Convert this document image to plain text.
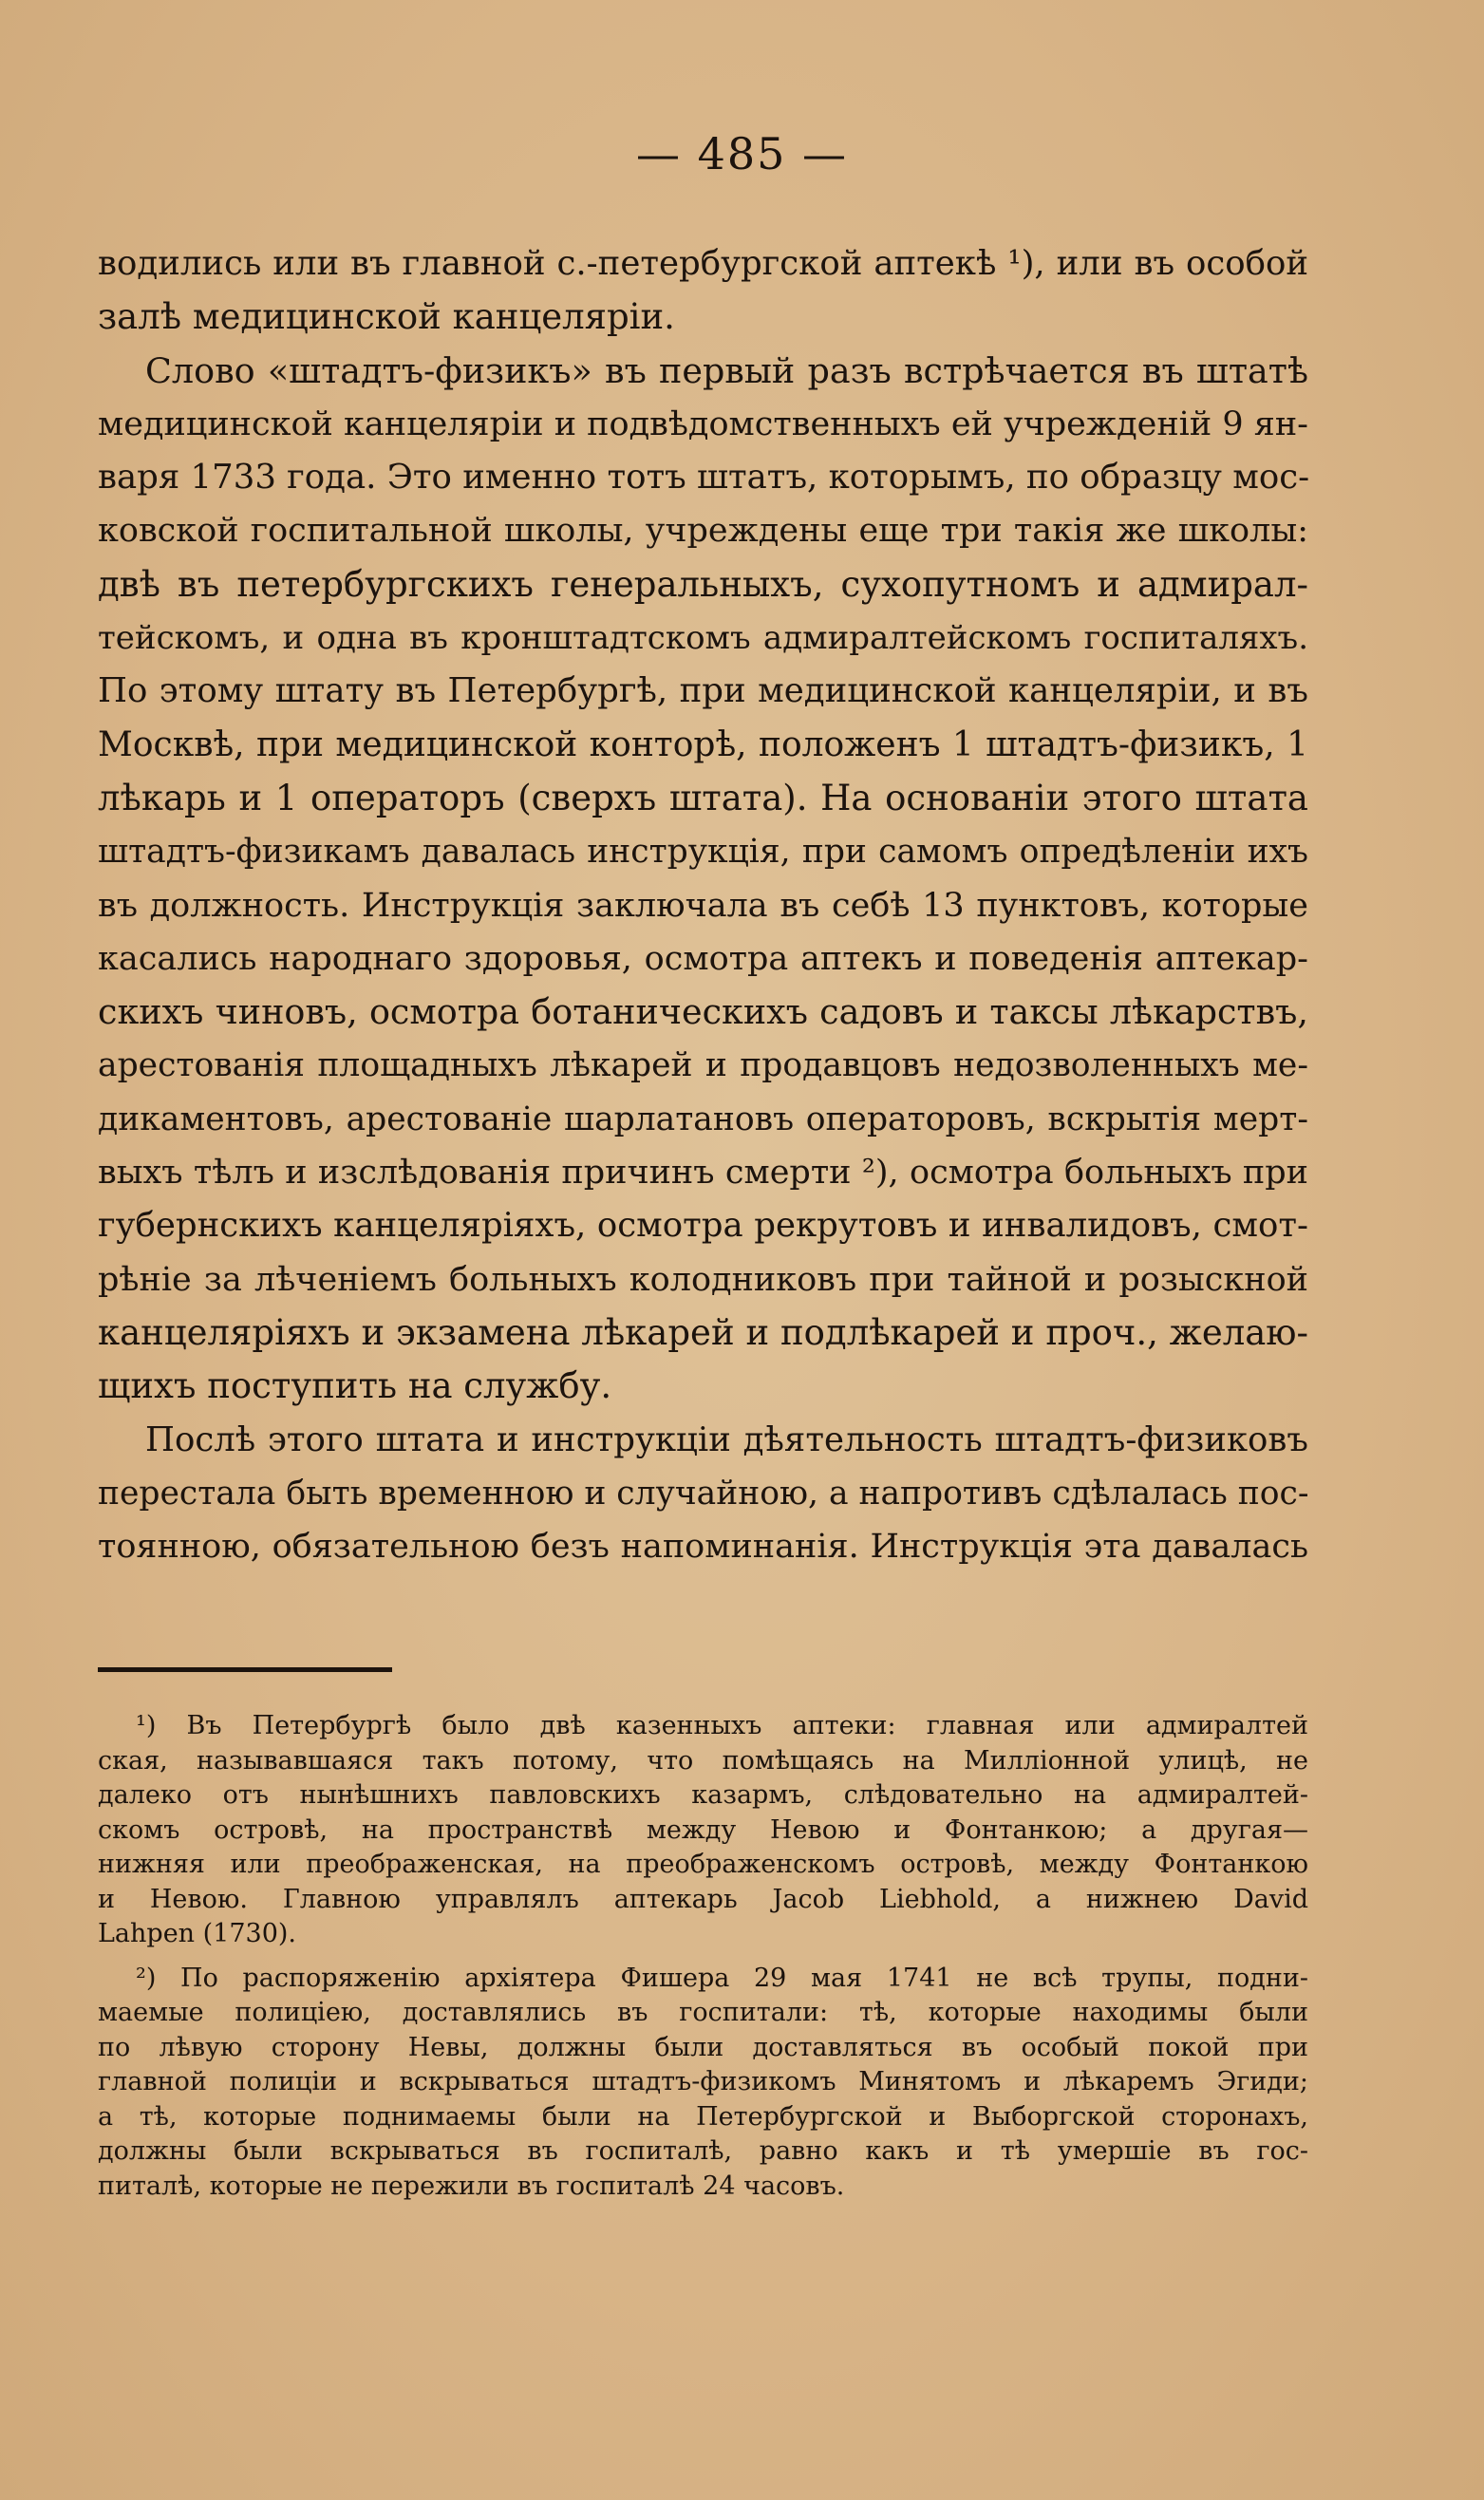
— 485 —
водились или въ главной с.-петербургской аптекѣ ¹), или въ особой
залѣ медицинской канцеляріи.
Слово «штадтъ-физикъ» въ первый разъ встрѣчается въ штатѣ
медицинской канцеляріи и подвѣдомственныхъ ей учрежденій 9 ян-
варя 1733 года. Это именно тотъ штатъ, которымъ, по образцу мос-
ковской госпитальной школы, учреждены еще три такія же школы:
двѣ въ петербургскихъ генеральныхъ, сухопутномъ и адмирал-
тейскомъ, и одна въ кронштадтскомъ адмиралтейскомъ госпиталяхъ.
По этому штату въ Петербургѣ, при медицинской канцеляріи, и въ
Москвѣ, при медицинской конторѣ, положенъ 1 штадтъ-физикъ, 1
лѣкарь и 1 операторъ (сверхъ штата). На основаніи этого штата
штадтъ-физикамъ давалась инструкція, при самомъ опредѣленіи ихъ
въ должность. Инструкція заключала въ себѣ 13 пунктовъ, которые
касались народнаго здоровья, осмотра аптекъ и поведенія аптекар-
скихъ чиновъ, осмотра ботаническихъ садовъ и таксы лѣкарствъ,
арестованія площадныхъ лѣкарей и продавцовъ недозволенныхъ ме-
дикаментовъ, арестованіе шарлатановъ операторовъ, вскрытія мерт-
выхъ тѣлъ и изслѣдованія причинъ смерти ²), осмотра больныхъ при
губернскихъ канцеляріяхъ, осмотра рекрутовъ и инвалидовъ, смот-
рѣніе за лѣченіемъ больныхъ колодниковъ при тайной и розыскной
канцеляріяхъ и экзамена лѣкарей и подлѣкарей и проч., желаю-
щихъ поступить на службу.
Послѣ этого штата и инструкціи дѣятельность штадтъ-физиковъ
перестала быть временною и случайною, а напротивъ сдѣлалась пос-
тоянною, обязательною безъ напоминанія. Инструкція эта давалась
¹) Въ Петербургѣ было двѣ казенныхъ аптеки: главная или адмиралтей
ская, называвшаяся такъ потому, что помѣщаясь на Милліонной улицѣ, не
далеко отъ нынѣшнихъ павловскихъ казармъ, слѣдовательно на адмиралтей-
скомъ островѣ, на пространствѣ между Невою и Фонтанкою; а другая—
нижняя или преображенская, на преображенскомъ островѣ, между Фонтанкою
и Невою. Главною управлялъ аптекарь Jacob Liebhold, а нижнею David
Lahpen (1730).
²) По распоряженію архіятера Фишера 29 мая 1741 не всѣ трупы, подни-
маемые полиціею, доставлялись въ госпитали: тѣ, которые находимы были
по лѣвую сторону Невы, должны были доставляться въ особый покой при
главной полиціи и вскрываться штадтъ-физикомъ Минятомъ и лѣкаремъ Эгиди;
а тѣ, которые поднимаемы были на Петербургской и Выборгской сторонахъ,
должны были вскрываться въ госпиталѣ, равно какъ и тѣ умершіе въ гос-
питалѣ, которые не пережили въ госпиталѣ 24 часовъ.
